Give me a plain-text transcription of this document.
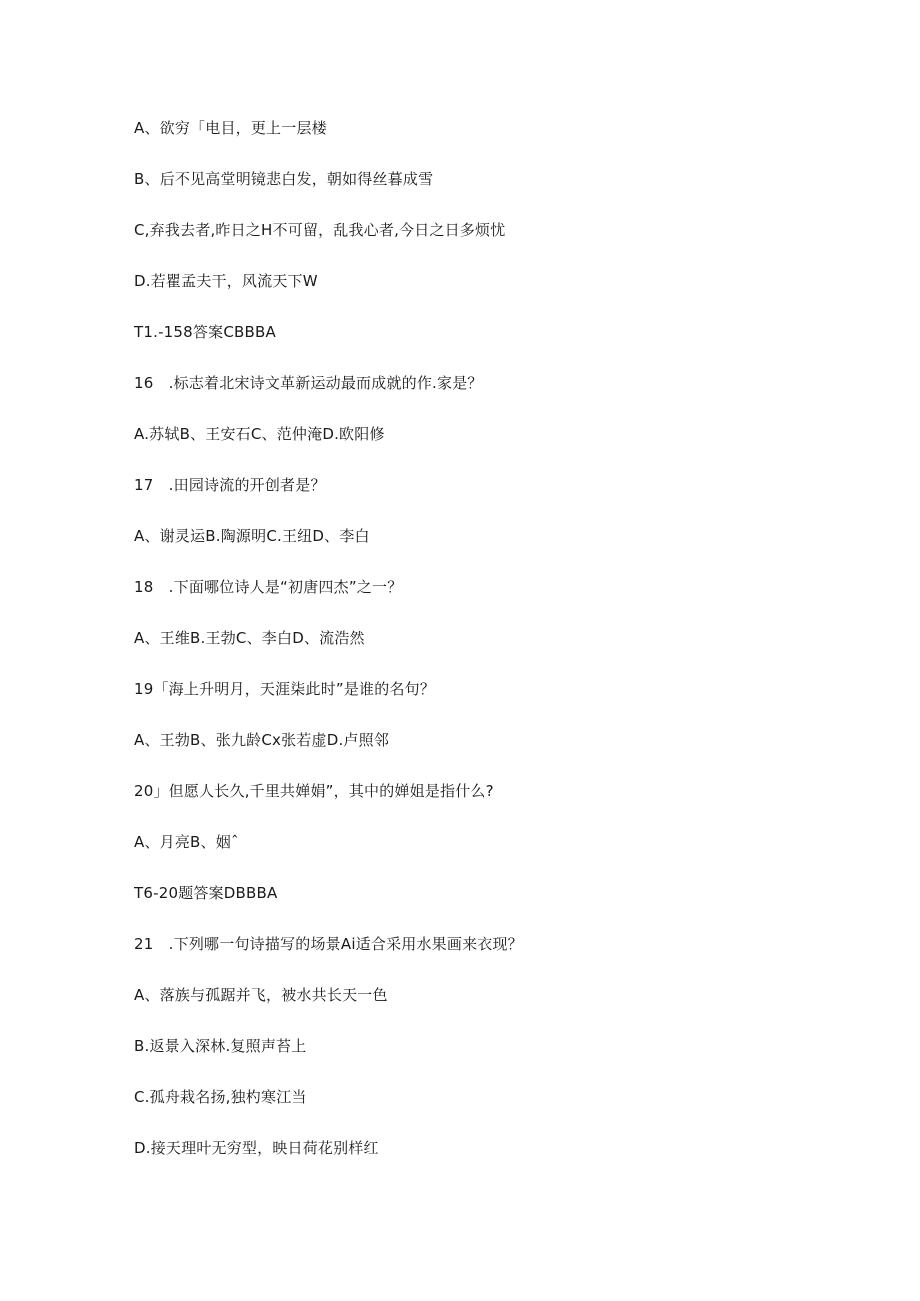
A、欲穷「电目，更上一层楼
B、后不见高堂明镜悲白发，朝如得丝暮成雪
C,弃我去者,昨日之H不可留，乱我心者,今日之日多烦忧
D.若瞿孟夫干，风流天下W
T1.-158答案CBBBA
16　.标志着北宋诗文革新运动最而成就的作.家是？
A.苏轼B、王安石C、范仲淹D.欧阳修
17　.田园诗流的开创者是？
A、谢灵运B.陶源明C.王纽D、李白
18　.下面哪位诗人是“初唐四杰”之一？
A、王维B.王勃C、李白D、流浩然
19「海上升明月，天涯柒此时”是谁的名句？
A、王勃B、张九龄Cx张若虚D.卢照邻
20」但愿人长久,千里共婵娟”，其中的婵姐是指什么?
A、月亮B、姻ˆ
T6-20题答案DBBBA
21　.下列哪一句诗描写的场景Ai适合采用水果画来衣现？
A、落族与孤踞并飞，被水共长天一色
B.返景入深林.复照声苔上
C.孤舟栽名扬,独杓寒江当
D.接天理叶无穷型，映日荷花别样红
